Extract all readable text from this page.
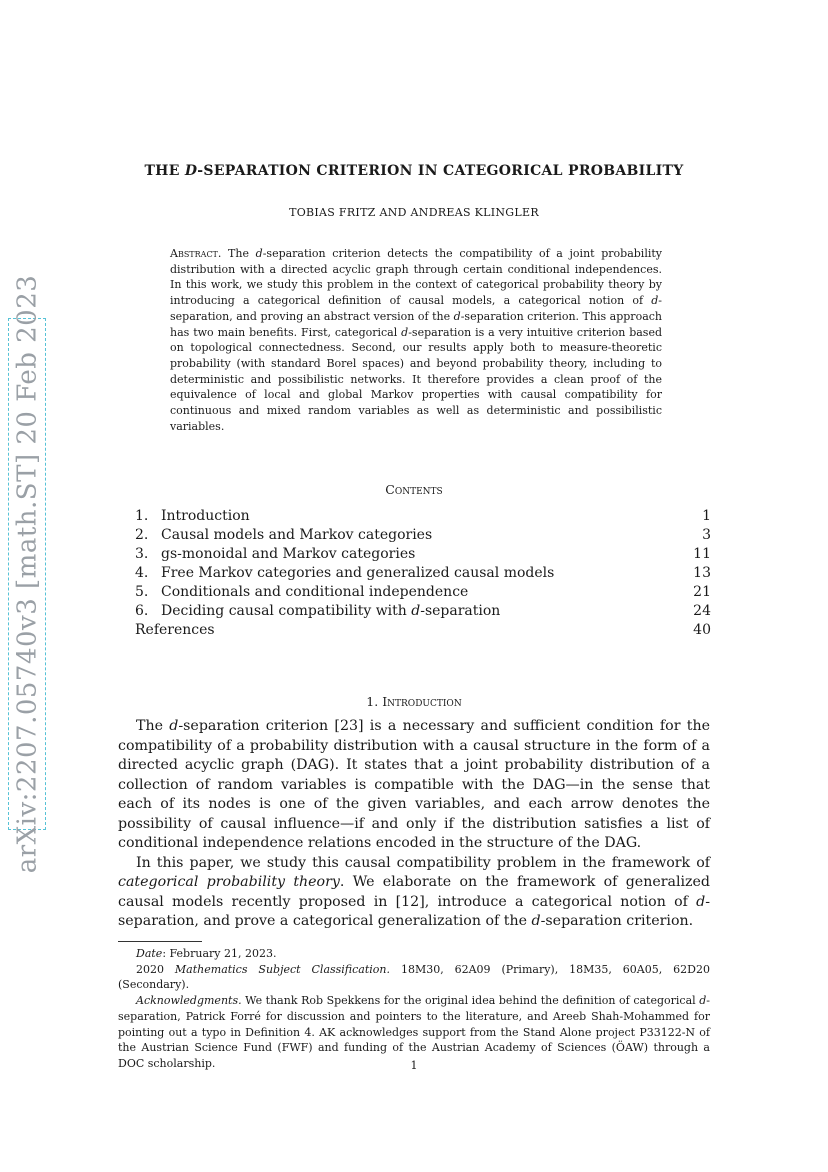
arXiv:2207.05740v3 [math.ST] 20 Feb 2023
THE D-SEPARATION CRITERION IN CATEGORICAL PROBABILITY
TOBIAS FRITZ AND ANDREAS KLINGLER
Abstract. The d-separation criterion detects the compatibility of a joint probability distribution with a directed acyclic graph through certain conditional independences. In this work, we study this problem in the context of categorical probability theory by introducing a categorical definition of causal models, a categorical notion of d-separation, and proving an abstract version of the d-separation criterion. This approach has two main benefits. First, categorical d-separation is a very intuitive criterion based on topological connectedness. Second, our results apply both to measure-theoretic probability (with standard Borel spaces) and beyond probability theory, including to deterministic and possibilistic networks. It therefore provides a clean proof of the equivalence of local and global Markov properties with causal compatibility for continuous and mixed random variables as well as deterministic and possibilistic variables.
Contents
1. Introduction	1
2. Causal models and Markov categories	3
3. gs-monoidal and Markov categories	11
4. Free Markov categories and generalized causal models	13
5. Conditionals and conditional independence	21
6. Deciding causal compatibility with d-separation	24
References	40
1. Introduction

The d-separation criterion [23] is a necessary and sufficient condition for the compatibility of a probability distribution with a causal structure in the form of a directed acyclic graph (DAG). It states that a joint probability distribution of a collection of random variables is compatible with the DAG—in the sense that each of its nodes is one of the given variables, and each arrow denotes the possibility of causal influence—if and only if the distribution satisfies a list of conditional independence relations encoded in the structure of the DAG.

In this paper, we study this causal compatibility problem in the framework of categorical probability theory. We elaborate on the framework of generalized causal models recently proposed in [12], introduce a categorical notion of d-separation, and prove a categorical generalization of the d-separation criterion.

Date: February 21, 2023.

2020 Mathematics Subject Classification. 18M30, 62A09 (Primary), 18M35, 60A05, 62D20 (Secondary).

Acknowledgments. We thank Rob Spekkens for the original idea behind the definition of categorical d-separation, Patrick Forré for discussion and pointers to the literature, and Areeb Shah-Mohammed for pointing out a typo in Definition 4. AK acknowledges support from the Stand Alone project P33122-N of the Austrian Science Fund (FWF) and funding of the Austrian Academy of Sciences (ÖAW) through a DOC scholarship.	1
